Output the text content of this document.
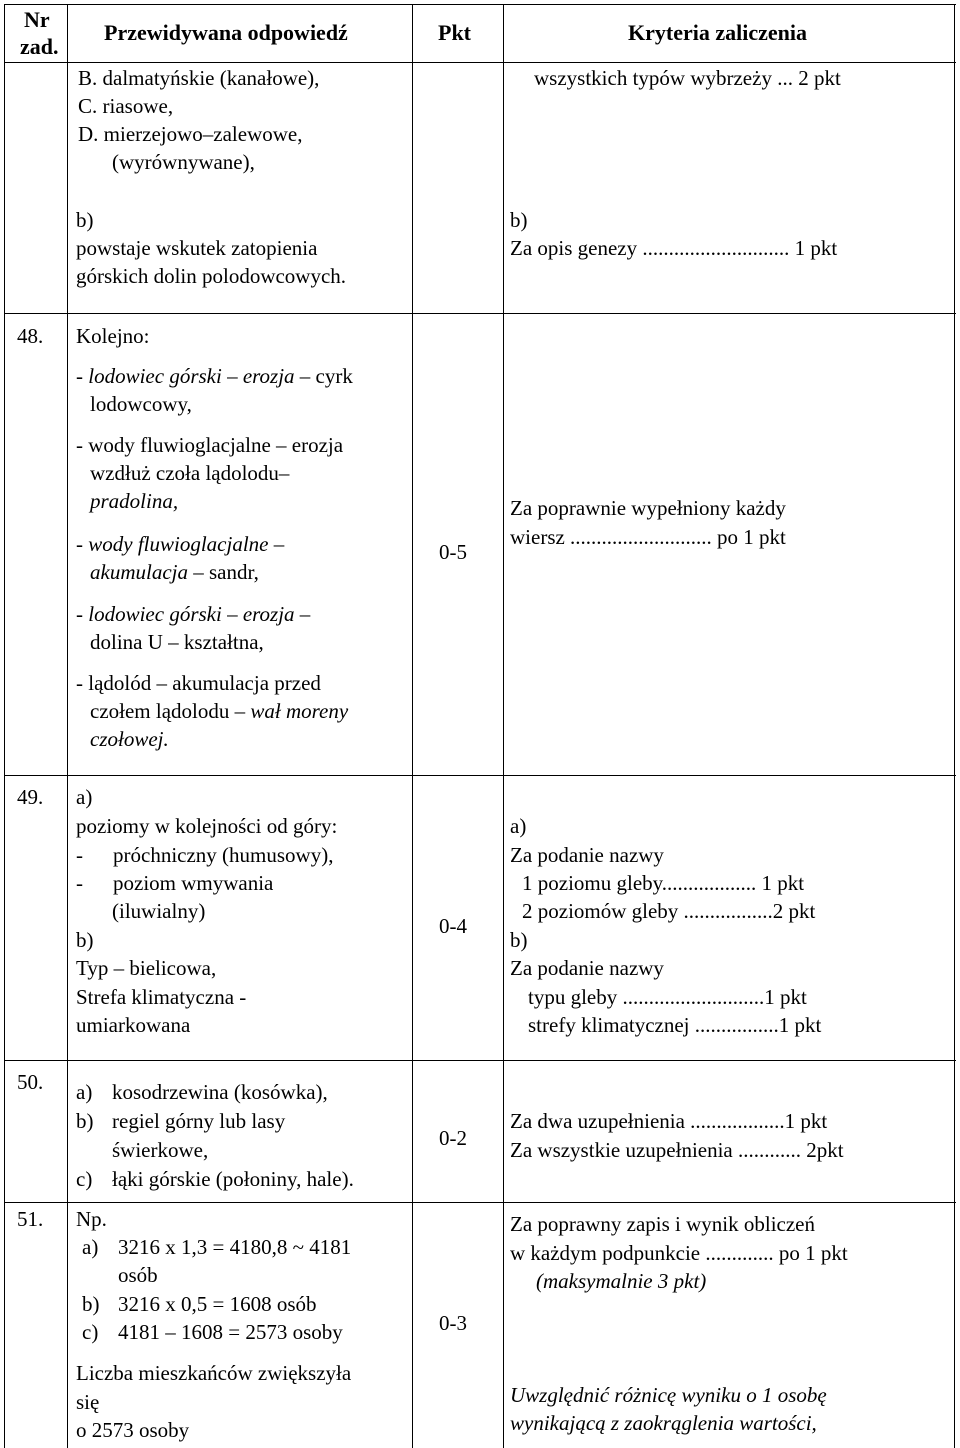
Nr
zad.
Przewidywana odpowiedź	Pkt	Kryteria zaliczenia
B. dalmatyńskie (kanałowe),
C. riasowe,
D. mierzejowo–zalewowe,
(wyrównywane),
wszystkich typów wybrzeży ... 2 pkt
b)
powstaje wskutek zatopienia
górskich dolin polodowcowych.
b)
Za opis genezy ............................ 1 pkt
48. Kolejno:
- lodowiec górski – erozja – cyrk
lodowcowy,
- wody fluwioglacjalne – erozja
wzdłuż czoła lądolodu–
pradolina,
- wody fluwioglacjalne –
akumulacja – sandr,
- lodowiec górski – erozja –
dolina U – kształtna,
- lądolód – akumulacja przed
czołem lądolodu – wał moreny
czołowej.
0-5
Za poprawnie wypełniony każdy
wiersz ........................... po 1 pkt
49. a)
poziomy w kolejności od góry:
- próchniczny (humusowy),
- poziom wmywania
(iluwialny)
b)
Typ – bielicowa,
Strefa klimatyczna -
umiarkowana
0-4
a)
Za podanie nazwy
1 poziomu gleby.................. 1 pkt
2 poziomów gleby .................2 pkt
b)
Za podanie nazwy
typu gleby ...........................1 pkt
strefy klimatycznej ................1 pkt
50. a) kosodrzewina (kosówka),
b) regiel górny lub lasy
świerkowe,
c) łąki górskie (połoniny, hale).
0-2
Za dwa uzupełnienia ..................1 pkt
Za wszystkie uzupełnienia ............ 2pkt
51. Np.
a) 3216 x 1,3 = 4180,8 ~ 4181
osób
b) 3216 x 0,5 = 1608 osób
c) 4181 – 1608 = 2573 osoby
Liczba mieszkańców zwiększyła
się
o 2573 osoby
0-3
Za poprawny zapis i wynik obliczeń
w każdym podpunkcie ............. po 1 pkt
(maksymalnie 3 pkt)
Uwzględnić różnicę wyniku o 1 osobę
wynikającą z zaokrąglenia wartości,
